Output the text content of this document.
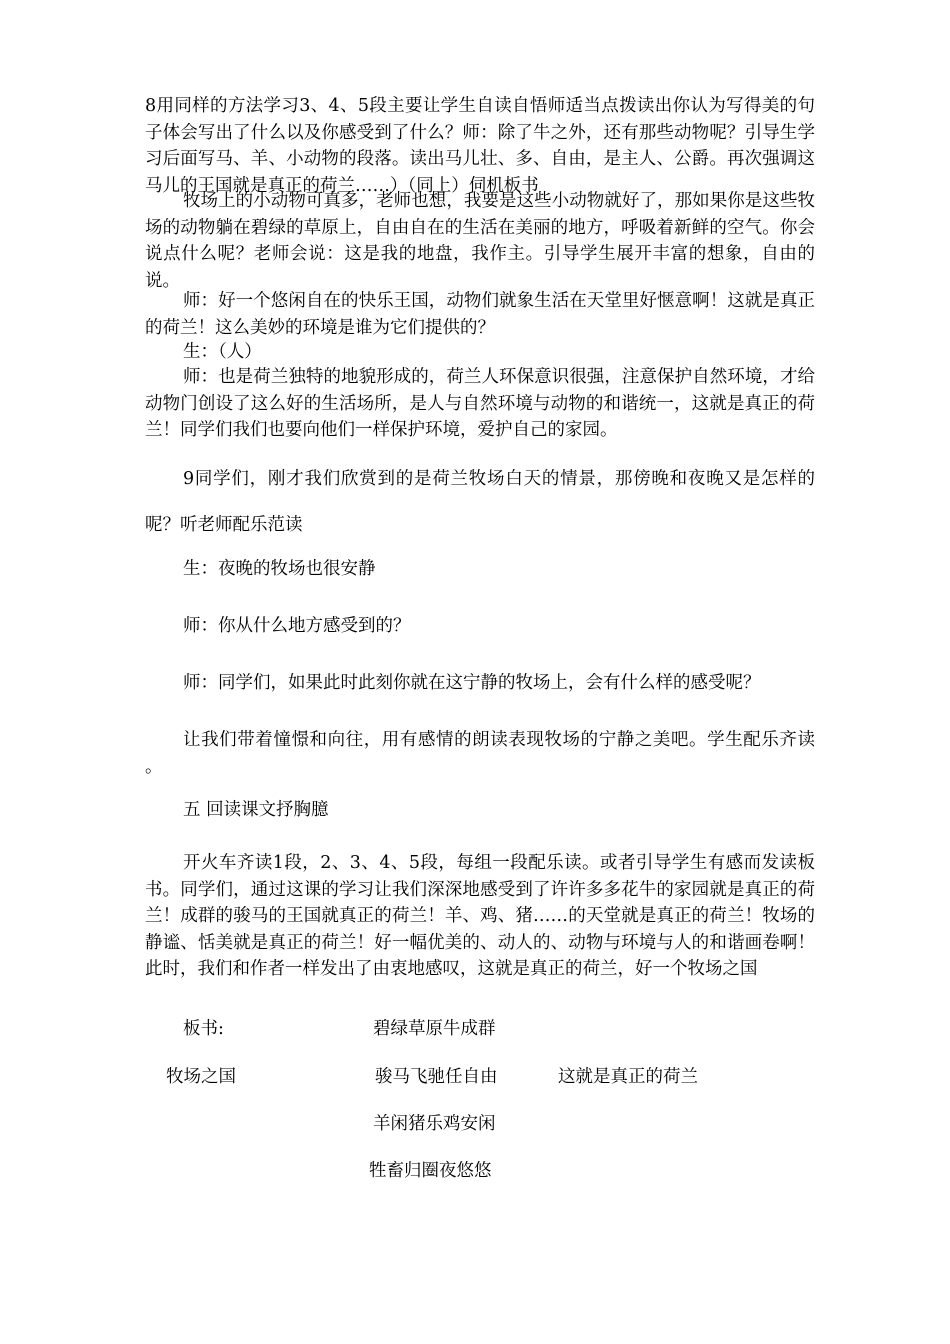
8用同样的方法学习3、4、5段主要让学生自读自悟师适当点拨读出你认为写得美的句子体会写出了什么以及你感受到了什么？师：除了牛之外，还有那些动物呢？引导生学习后面写马、羊、小动物的段落。读出马儿壮、多、自由，是主人、公爵。再次强调这马儿的王国就是真正的荷兰……）（同上）伺机板书

牧场上的小动物可真多，老师也想，我要是这些小动物就好了，那如果你是这些牧场的动物躺在碧绿的草原上，自由自在的生活在美丽的地方，呼吸着新鲜的空气。你会说点什么呢？老师会说：这是我的地盘，我作主。引导学生展开丰富的想象，自由的说。

师：好一个悠闲自在的快乐王国，动物们就象生活在天堂里好惬意啊！这就是真正的荷兰！这么美妙的环境是谁为它们提供的？

生：（人）

师：也是荷兰独特的地貌形成的，荷兰人环保意识很强，注意保护自然环境，才给动物门创设了这么好的生活场所，是人与自然环境与动物的和谐统一，这就是真正的荷兰！同学们我们也要向他们一样保护环境，爱护自己的家园。

9同学们，刚才我们欣赏到的是荷兰牧场白天的情景，那傍晚和夜晚又是怎样的呢？听老师配乐范读

生：夜晚的牧场也很安静

师：你从什么地方感受到的？

师：同学们，如果此时此刻你就在这宁静的牧场上，会有什么样的感受呢？

让我们带着憧憬和向往，用有感情的朗读表现牧场的宁静之美吧。学生配乐齐读 。

五 回读课文抒胸臆

开火车齐读1段，2、3、4、5段，每组一段配乐读。或者引导学生有感而发读板书。同学们，通过这课的学习让我们深深地感受到了许许多多花牛的家园就是真正的荷兰！成群的骏马的王国就真正的荷兰！羊、鸡、猪……的天堂就是真正的荷兰！牧场的静谧、恬美就是真正的荷兰！好一幅优美的、动人的、动物与环境与人的和谐画卷啊！此时，我们和作者一样发出了由衷地感叹，这就是真正的荷兰，好一个牧场之国

板书:	碧绿草原牛成群
牧场之国	骏马飞驰任自由	这就是真正的荷兰
羊闲猪乐鸡安闲
牲畜归圈夜悠悠
